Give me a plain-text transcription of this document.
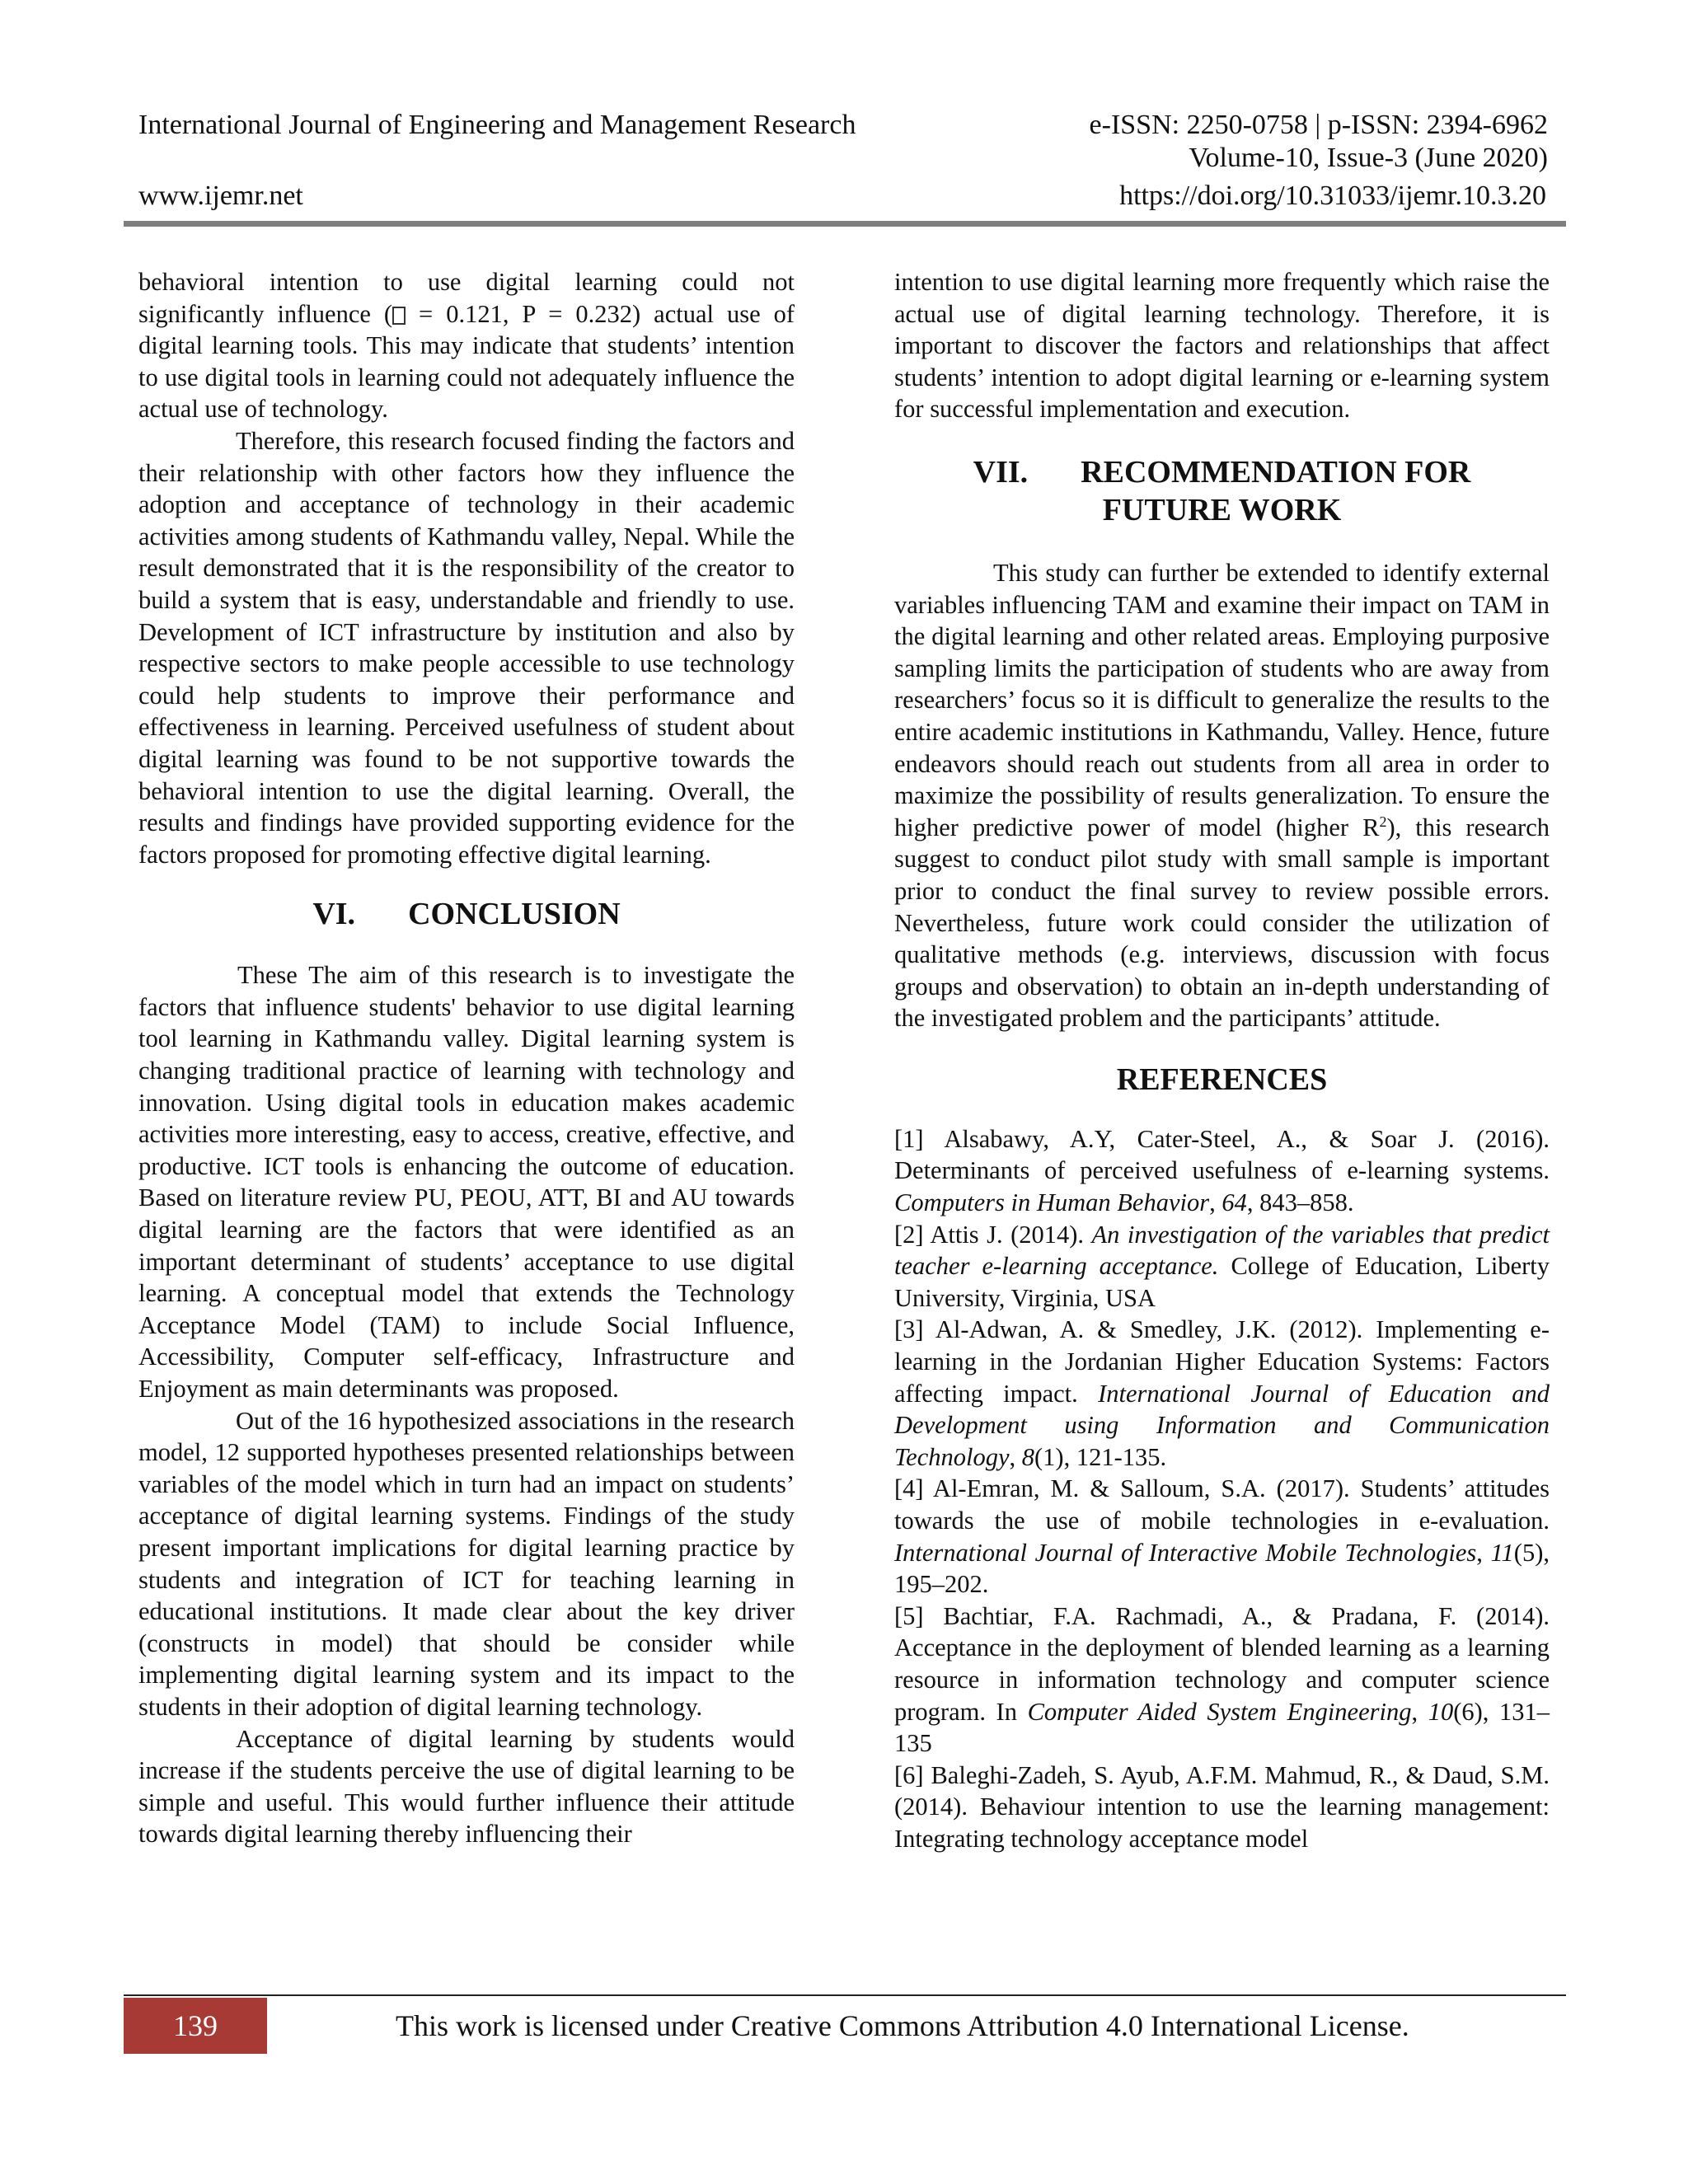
International Journal of Engineering and Management Research	e-ISSN: 2250-0758 | p-ISSN: 2394-6962
Volume-10, Issue-3 (June 2020)
www.ijemr.net	https://doi.org/10.31033/ijemr.10.3.20

behavioral intention to use digital learning could not significantly influence ( = 0.121, P = 0.232) actual use of digital learning tools. This may indicate that students’ intention to use digital tools in learning could not adequately influence the actual use of technology.

Therefore, this research focused finding the factors and their relationship with other factors how they influence the adoption and acceptance of technology in their academic activities among students of Kathmandu valley, Nepal. While the result demonstrated that it is the responsibility of the creator to build a system that is easy, understandable and friendly to use. Development of ICT infrastructure by institution and also by respective sectors to make people accessible to use technology could help students to improve their performance and effectiveness in learning. Perceived usefulness of student about digital learning was found to be not supportive towards the behavioral intention to use the digital learning. Overall, the results and findings have provided supporting evidence for the factors proposed for promoting effective digital learning.

VI. CONCLUSION

These The aim of this research is to investigate the factors that influence students' behavior to use digital learning tool learning in Kathmandu valley. Digital learning system is changing traditional practice of learning with technology and innovation. Using digital tools in education makes academic activities more interesting, easy to access, creative, effective, and productive. ICT tools is enhancing the outcome of education. Based on literature review PU, PEOU, ATT, BI and AU towards digital learning are the factors that were identified as an important determinant of students’ acceptance to use digital learning. A conceptual model that extends the Technology Acceptance Model (TAM) to include Social Influence, Accessibility, Computer self-efficacy, Infrastructure and Enjoyment as main determinants was proposed.

Out of the 16 hypothesized associations in the research model, 12 supported hypotheses presented relationships between variables of the model which in turn had an impact on students’ acceptance of digital learning systems. Findings of the study present important implications for digital learning practice by students and integration of ICT for teaching learning in educational institutions. It made clear about the key driver (constructs in model) that should be consider while implementing digital learning system and its impact to the students in their adoption of digital learning technology.

Acceptance of digital learning by students would increase if the students perceive the use of digital learning to be simple and useful. This would further influence their attitude towards digital learning thereby influencing their

intention to use digital learning more frequently which raise the actual use of digital learning technology. Therefore, it is important to discover the factors and relationships that affect students’ intention to adopt digital learning or e-learning system for successful implementation and execution.

VII. RECOMMENDATION FOR
FUTURE WORK

This study can further be extended to identify external variables influencing TAM and examine their impact on TAM in the digital learning and other related areas. Employing purposive sampling limits the participation of students who are away from researchers’ focus so it is difficult to generalize the results to the entire academic institutions in Kathmandu, Valley. Hence, future endeavors should reach out students from all area in order to maximize the possibility of results generalization. To ensure the higher predictive power of model (higher $R^2$), this research suggest to conduct pilot study with small sample is important prior to conduct the final survey to review possible errors. Nevertheless, future work could consider the utilization of qualitative methods (e.g. interviews, discussion with focus groups and observation) to obtain an in-depth understanding of the investigated problem and the participants’ attitude.

REFERENCES

[1] Alsabawy, A.Y, Cater-Steel, A., & Soar J. (2016). Determinants of perceived usefulness of e-learning systems. Computers in Human Behavior, 64, 843–858.

[2] Attis J. (2014). An investigation of the variables that predict teacher e-learning acceptance. College of Education, Liberty University, Virginia, USA

[3] Al-Adwan, A. & Smedley, J.K. (2012). Implementing e-learning in the Jordanian Higher Education Systems: Factors affecting impact. International Journal of Education and Development using Information and Communication Technology, 8(1), 121-135.

[4] Al-Emran, M. & Salloum, S.A. (2017). Students’ attitudes towards the use of mobile technologies in e-evaluation. International Journal of Interactive Mobile Technologies, 11(5), 195–202.

[5] Bachtiar, F.A. Rachmadi, A., & Pradana, F. (2014). Acceptance in the deployment of blended learning as a learning resource in information technology and computer science program. In Computer Aided System Engineering, 10(6), 131–135

[6] Baleghi-Zadeh, S. Ayub, A.F.M. Mahmud, R., & Daud, S.M. (2014). Behaviour intention to use the learning management: Integrating technology acceptance model

139	This work is licensed under Creative Commons Attribution 4.0 International License.
